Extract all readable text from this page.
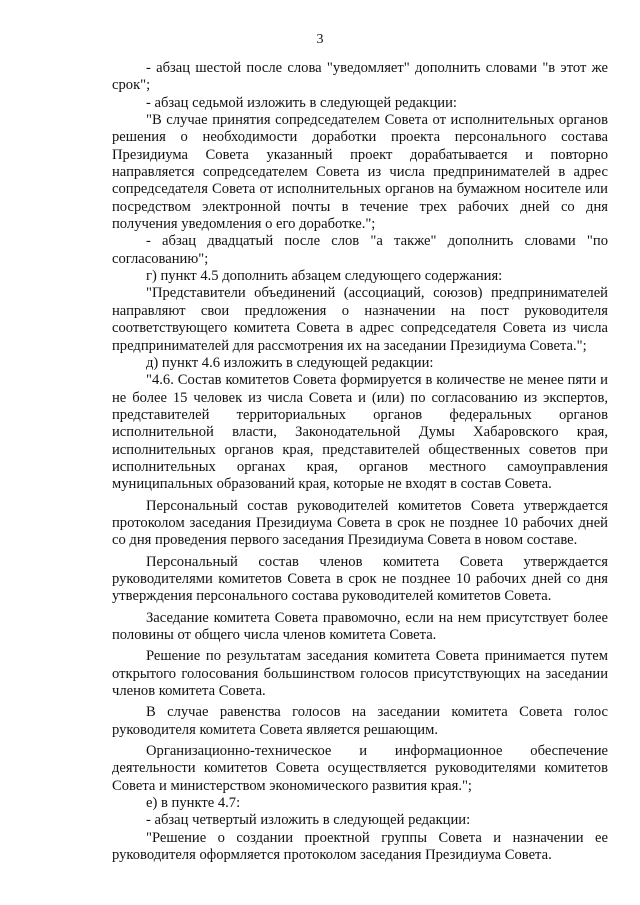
3

- абзац шестой после слова "уведомляет" дополнить словами "в этот же срок";

- абзац седьмой изложить в следующей редакции:

"В случае принятия сопредседателем Совета от исполнительных органов решения о необходимости доработки проекта персонального состава Президиума Совета указанный проект дорабатывается и повторно направляется сопредседателем Совета из числа предпринимателей в адрес сопредседателя Совета от исполнительных органов на бумажном носителе или посредством электронной почты в течение трех рабочих дней со дня получения уведомления о его доработке.";

- абзац двадцатый после слов "а также" дополнить словами "по согласованию";

г) пункт 4.5 дополнить абзацем следующего содержания:

"Представители объединений (ассоциаций, союзов) предпринимателей направляют свои предложения о назначении на пост руководителя соответствующего комитета Совета в адрес сопредседателя Совета из числа предпринимателей для рассмотрения их на заседании Президиума Совета.";

д) пункт 4.6 изложить в следующей редакции:

"4.6. Состав комитетов Совета формируется в количестве не менее пяти и не более 15 человек из числа Совета и (или) по согласованию из экспертов, представителей территориальных органов федеральных органов исполнительной власти, Законодательной Думы Хабаровского края, исполнительных органов края, представителей общественных советов при исполнительных органах края, органов местного самоуправления муниципальных образований края, которые не входят в состав Совета.

Персональный состав руководителей комитетов Совета утверждается протоколом заседания Президиума Совета в срок не позднее 10 рабочих дней со дня проведения первого заседания Президиума Совета в новом составе.

Персональный состав членов комитета Совета утверждается руководителями комитетов Совета в срок не позднее 10 рабочих дней со дня утверждения персонального состава руководителей комитетов Совета.

Заседание комитета Совета правомочно, если на нем присутствует более половины от общего числа членов комитета Совета.

Решение по результатам заседания комитета Совета принимается путем открытого голосования большинством голосов присутствующих на заседании членов комитета Совета.

В случае равенства голосов на заседании комитета Совета голос руководителя комитета Совета является решающим.

Организационно-техническое и информационное обеспечение деятельности комитетов Совета осуществляется руководителями комитетов Совета и министерством экономического развития края.";

е) в пункте 4.7:

- абзац четвертый изложить в следующей редакции:

"Решение о создании проектной группы Совета и назначении ее руководителя оформляется протоколом заседания Президиума Совета.
